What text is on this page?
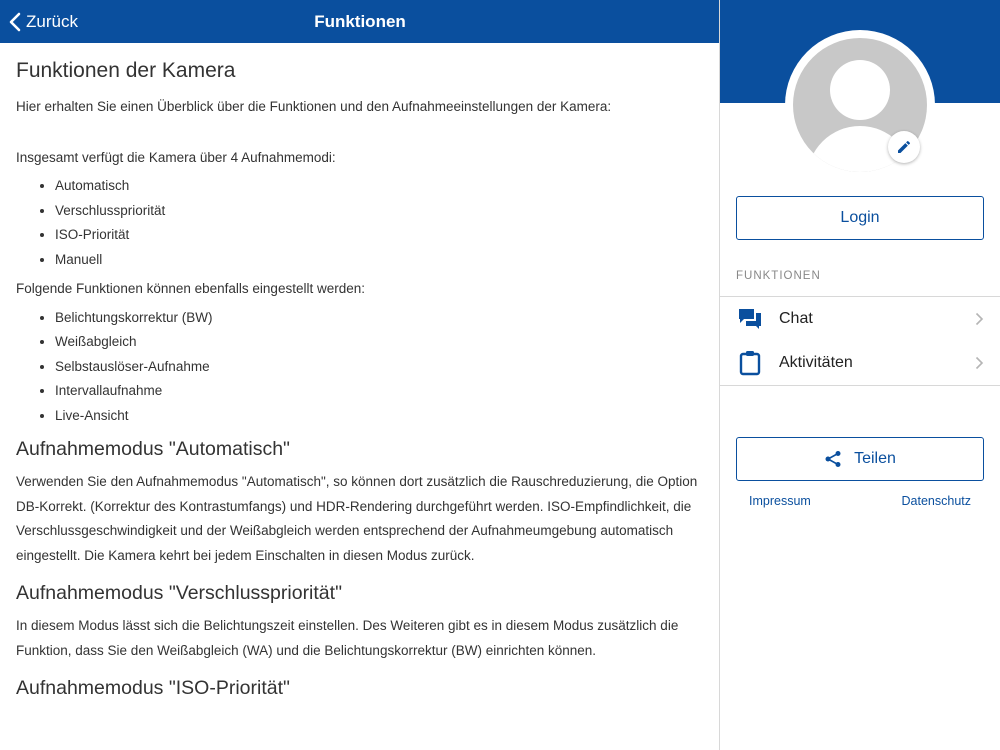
Zurück	Funktionen
Funktionen der Kamera

Hier erhalten Sie einen Überblick über die Funktionen und den Aufnahmeeinstellungen der Kamera:

Insgesamt verfügt die Kamera über 4 Aufnahmemodi:

• Automatisch
• Verschlusspriorität
• ISO-Priorität
• Manuell

Folgende Funktionen können ebenfalls eingestellt werden:

• Belichtungskorrektur (BW)
• Weißabgleich
• Selbstauslöser-Aufnahme
• Intervallaufnahme
• Live-Ansicht
Aufnahmemodus "Automatisch"

Verwenden Sie den Aufnahmemodus "Automatisch", so können dort zusätzlich die Rauschreduzierung, die Option DB-Korrekt. (Korrektur des Kontrastumfangs) und HDR-Rendering durchgeführt werden. ISO-Empfindlichkeit, die Verschlussgeschwindigkeit und der Weißabgleich werden entsprechend der Aufnahmeumgebung automatisch eingestellt. Die Kamera kehrt bei jedem Einschalten in diesen Modus zurück.

Aufnahmemodus "Verschlusspriorität"

In diesem Modus lässt sich die Belichtungszeit einstellen. Des Weiteren gibt es in diesem Modus zusätzlich die Funktion, dass Sie den Weißabgleich (WA) und die Belichtungskorrektur (BW) einrichten können.

Aufnahmemodus "ISO-Priorität"
Login
FUNKTIONEN
Chat
Aktivitäten
Teilen
Impressum	Datenschutz
